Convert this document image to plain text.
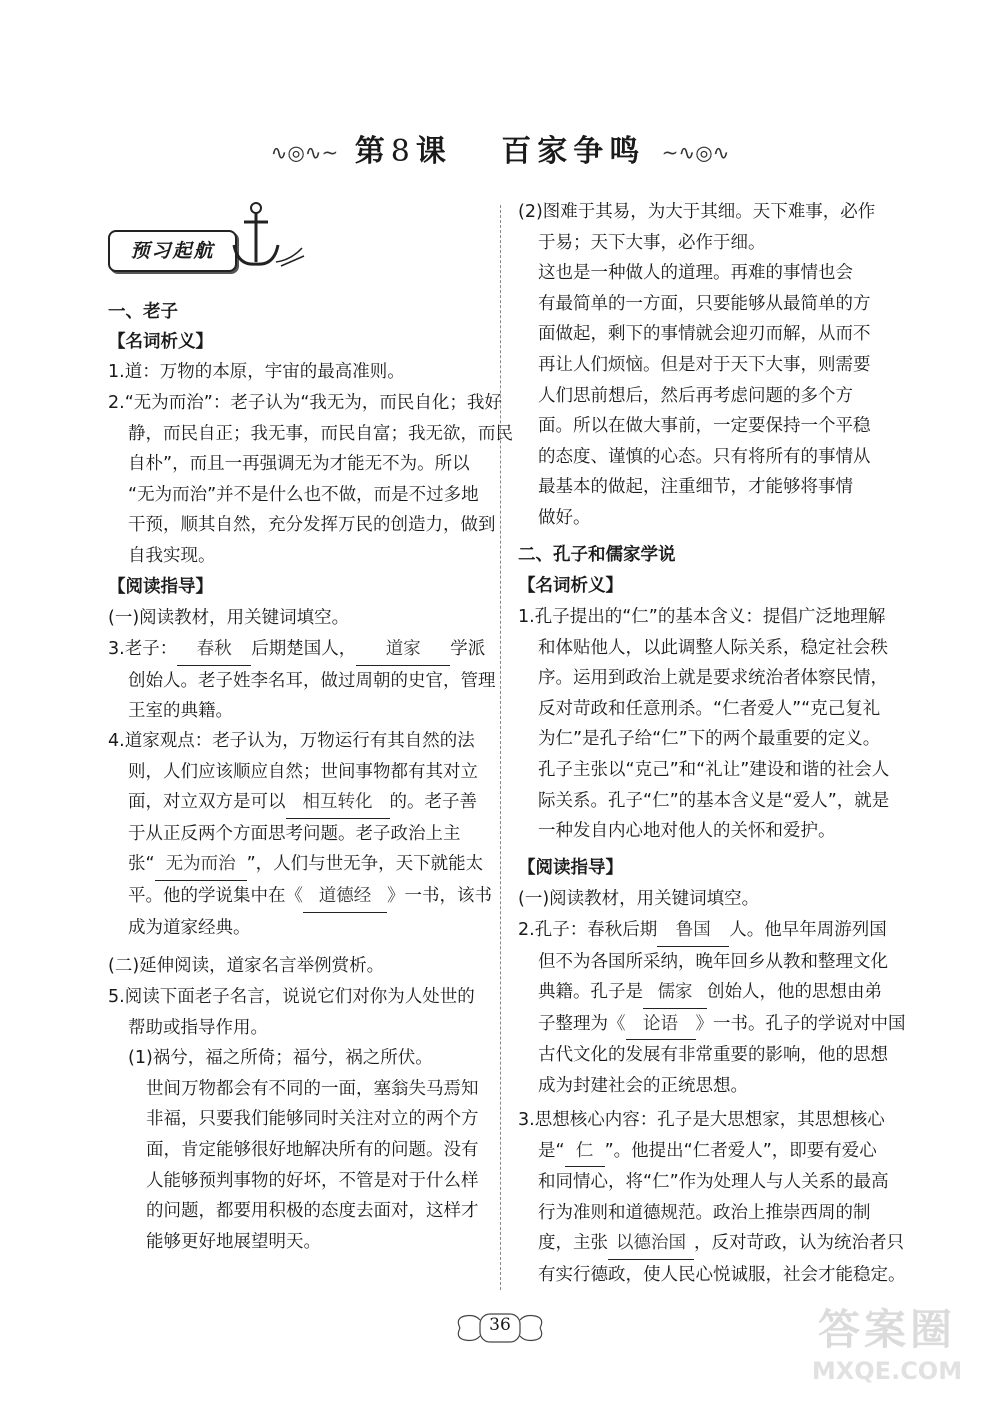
∿◎∿~ 第8课 百家争鸣 ~∿◎∿
预习起航
一、老子
【名词析义】
1.道：万物的本原，宇宙的最高准则。
2.“无为而治”：老子认为“我无为，而民自化；我好
静，而民自正；我无事，而民自富；我无欲，而民
自朴”，而且一再强调无为才能无不为。所以
“无为而治”并不是什么也不做，而是不过多地
干预，顺其自然，充分发挥万民的创造力，做到
自我实现。
【阅读指导】
(一)阅读教材，用关键词填空。
3.老子： 春秋 后期楚国人， 道家 学派
创始人。老子姓李名耳，做过周朝的史官，管理
王室的典籍。
4.道家观点：老子认为，万物运行有其自然的法
则，人们应该顺应自然；世间事物都有其对立
面，对立双方是可以 相互转化 的。老子善
于从正反两个方面思考问题。老子政治上主
张“ 无为而治 ”，人们与世无争，天下就能太
平。他的学说集中在《 道德经 》一书，该书
成为道家经典。
(二)延伸阅读，道家名言举例赏析。
5.阅读下面老子名言，说说它们对你为人处世的
帮助或指导作用。
(1)祸兮，福之所倚；福兮，祸之所伏。
世间万物都会有不同的一面，塞翁失马焉知
非福，只要我们能够同时关注对立的两个方
面，肯定能够很好地解决所有的问题。没有
人能够预判事物的好坏，不管是对于什么样
的问题，都要用积极的态度去面对，这样才
能够更好地展望明天。
(2)图难于其易，为大于其细。天下难事，必作
于易；天下大事，必作于细。
这也是一种做人的道理。再难的事情也会
有最简单的一方面，只要能够从最简单的方
面做起，剩下的事情就会迎刃而解，从而不
再让人们烦恼。但是对于天下大事，则需要
人们思前想后，然后再考虑问题的多个方
面。所以在做大事前，一定要保持一个平稳
的态度、谨慎的心态。只有将所有的事情从
最基本的做起，注重细节，才能够将事情
做好。
二、孔子和儒家学说
【名词析义】
1.孔子提出的“仁”的基本含义：提倡广泛地理解
和体贴他人，以此调整人际关系，稳定社会秩
序。运用到政治上就是要求统治者体察民情，
反对苛政和任意刑杀。“仁者爱人”“克己复礼
为仁”是孔子给“仁”下的两个最重要的定义。
孔子主张以“克己”和“礼让”建设和谐的社会人
际关系。孔子“仁”的基本含义是“爱人”，就是
一种发自内心地对他人的关怀和爱护。
【阅读指导】
(一)阅读教材，用关键词填空。
2.孔子：春秋后期 鲁国 人。他早年周游列国
但不为各国所采纳，晚年回乡从教和整理文化
典籍。孔子是 儒家 创始人，他的思想由弟
子整理为《 论语 》一书。孔子的学说对中国
古代文化的发展有非常重要的影响，他的思想
成为封建社会的正统思想。
3.思想核心内容：孔子是大思想家，其思想核心
是“ 仁 ”。他提出“仁者爱人”，即要有爱心
和同情心，将“仁”作为处理人与人关系的最高
行为准则和道德规范。政治上推崇西周的制
度，主张 以德治国 ，反对苛政，认为统治者只
有实行德政，使人民心悦诚服，社会才能稳定。
36	答案圈
MXQE.COM
